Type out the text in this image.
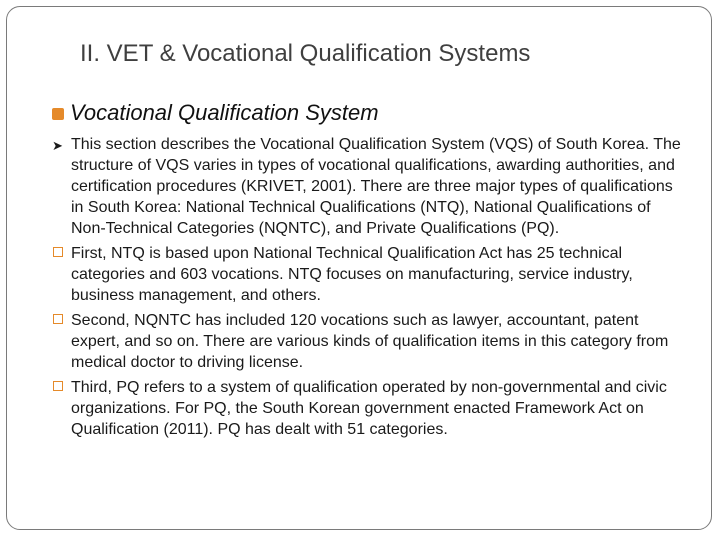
II. VET & Vocational Qualification Systems
Vocational Qualification System
➤ This section describes the Vocational Qualification System (VQS) of South Korea. The structure of VQS varies in types of vocational qualifications, awarding authorities, and certification procedures (KRIVET, 2001). There are three major types of qualifications in South Korea: National Technical Qualifications (NTQ), National Qualifications of Non-Technical Categories (NQNTC), and Private Qualifications (PQ).
First, NTQ is based upon National Technical Qualification Act has 25 technical categories and 603 vocations. NTQ focuses on manufacturing, service industry, business management, and others.
Second, NQNTC has included 120 vocations such as lawyer, accountant, patent expert, and so on. There are various kinds of qualification items in this category from medical doctor to driving license.
Third, PQ refers to a system of qualification operated by non-governmental and civic organizations. For PQ, the South Korean government enacted Framework Act on Qualification (2011). PQ has dealt with 51 categories.
